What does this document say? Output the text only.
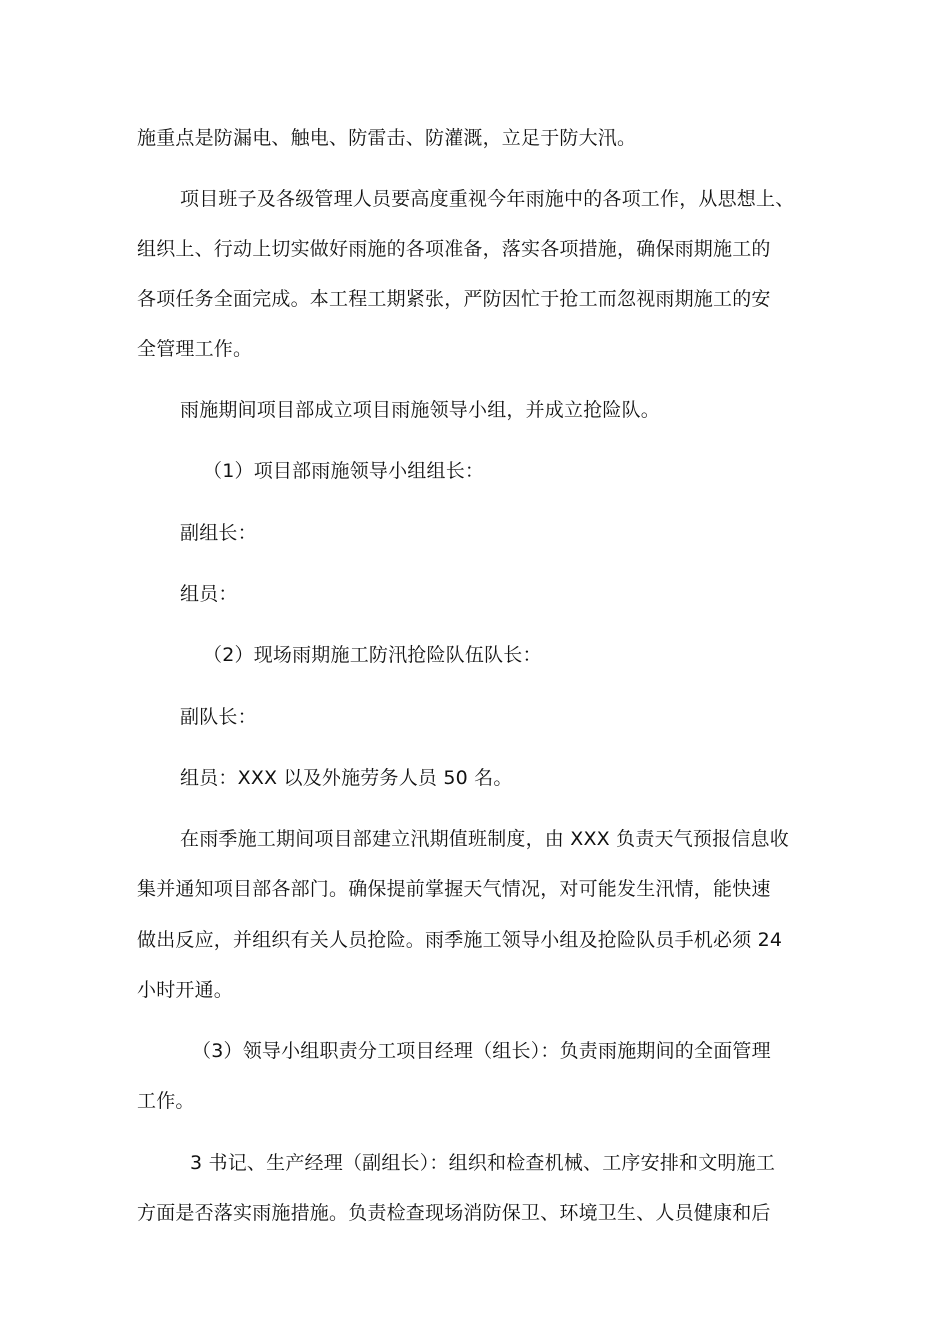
施重点是防漏电、触电、防雷击、防灌溉，立足于防大汛。
项目班子及各级管理人员要高度重视今年雨施中的各项工作，从思想上、
组织上、行动上切实做好雨施的各项准备，落实各项措施，确保雨期施工的
各项任务全面完成。本工程工期紧张，严防因忙于抢工而忽视雨期施工的安
全管理工作。
雨施期间项目部成立项目雨施领导小组，并成立抢险队。
（1）项目部雨施领导小组组长：
副组长：
组员：
（2）现场雨期施工防汛抢险队伍队长：
副队长：
组员：XXX 以及外施劳务人员 50 名。
在雨季施工期间项目部建立汛期值班制度，由 XXX 负责天气预报信息收
集并通知项目部各部门。确保提前掌握天气情况，对可能发生汛情，能快速
做出反应，并组织有关人员抢险。雨季施工领导小组及抢险队员手机必须 24
小时开通。
（3）领导小组职责分工项目经理（组长）：负责雨施期间的全面管理
工作。
3 书记、生产经理（副组长）：组织和检查机械、工序安排和文明施工
方面是否落实雨施措施。负责检查现场消防保卫、环境卫生、人员健康和后
